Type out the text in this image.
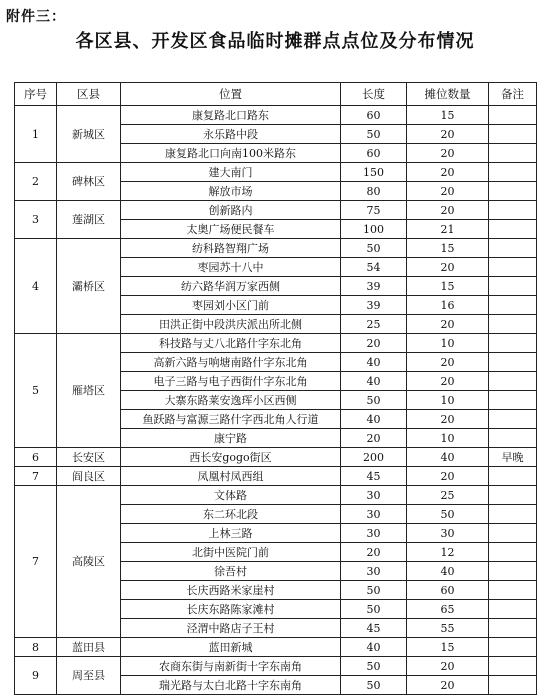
附件三：
各区县、开发区食品临时摊群点点位及分布情况
序号	区县	位置	长度	摊位数量	备注
1	新城区	康复路北口路东	60	15	
		永乐路中段	50	20	
		康复路北口向南100米路东	60	20	
2	碑林区	建大南门	150	20	
		解放市场	80	20	
3	莲湖区	创新路内	75	20	
		太奥广场便民餐车	100	21	
4	灞桥区	纺科路智翔广场	50	15	
		枣园苏十八中	54	20	
		纺六路华润万家西侧	39	15	
		枣园刘小区门前	39	16	
		田洪正街中段洪庆派出所北侧	25	20	
5	雁塔区	科技路与丈八北路什字东北角	20	10	
		高新六路与响塘南路什字东北角	40	20	
		电子三路与电子西街什字东北角	40	20	
		大寨东路莱安逸珲小区西侧	50	10	
		鱼跃路与富源三路什字西北角人行道	40	20	
		康宁路	20	10	
6	长安区	西长安gogo街区	200	40	早晚
7	阎良区	凤凰村凤西组	45	20	
7	高陵区	文体路	30	25	
		东二环北段	30	50	
		上林三路	30	30	
		北街中医院门前	20	12	
		徐吾村	30	40	
		长庆西路米家崖村	50	60	
		长庆东路陈家滩村	50	65	
		泾渭中路店子王村	45	55	
8	蓝田县	蓝田新城	40	15	
9	周至县	农商东街与南新街十字东南角	50	20	
		瑞光路与太白北路十字东南角	50	20	
